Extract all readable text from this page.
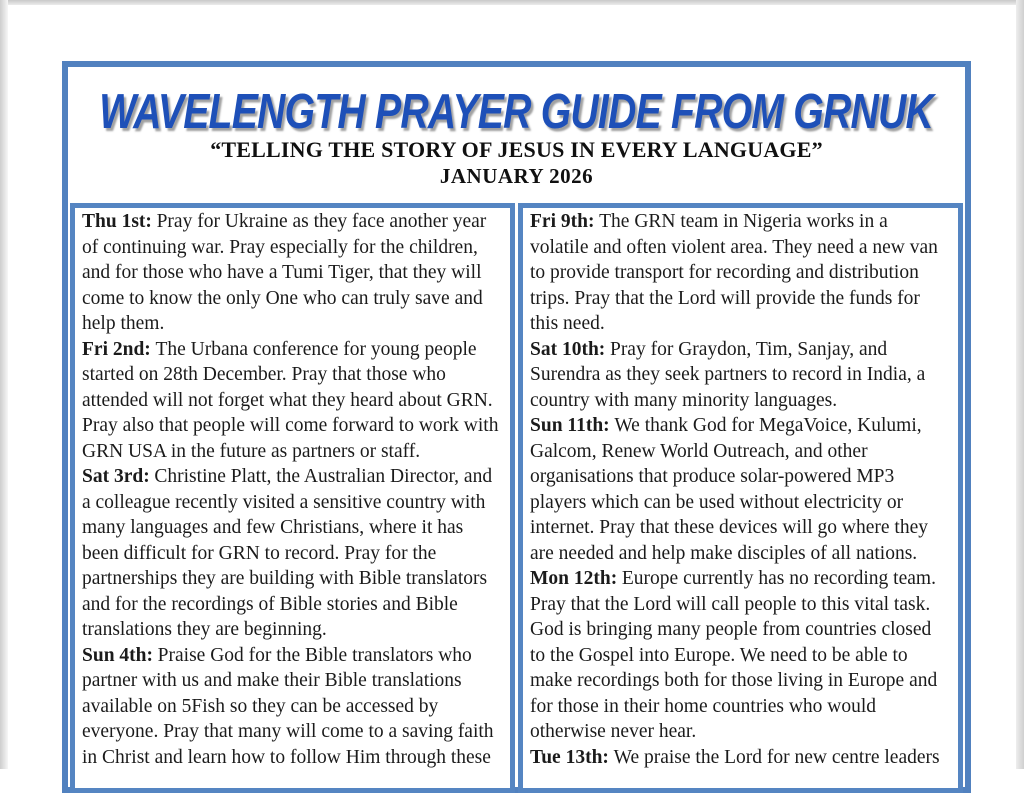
WAVELENGTH PRAYER GUIDE FROM GRNUK
“TELLING THE STORY OF JESUS IN EVERY LANGUAGE”
JANUARY 2026

Thu 1st: Pray for Ukraine as they face another year of continuing war. Pray especially for the children, and for those who have a Tumi Tiger, that they will come to know the only One who can truly save and help them.

Fri 2nd: The Urbana conference for young people started on 28th December. Pray that those who attended will not forget what they heard about GRN. Pray also that people will come forward to work with GRN USA in the future as partners or staff.

Sat 3rd: Christine Platt, the Australian Director, and a colleague recently visited a sensitive country with many languages and few Christians, where it has been difficult for GRN to record. Pray for the partnerships they are building with Bible translators and for the recordings of Bible stories and Bible translations they are beginning.

Sun 4th: Praise God for the Bible translators who partner with us and make their Bible translations available on 5Fish so they can be accessed by everyone. Pray that many will come to a saving faith in Christ and learn how to follow Him through these

Fri 9th: The GRN team in Nigeria works in a volatile and often violent area. They need a new van to provide transport for recording and distribution trips. Pray that the Lord will provide the funds for this need.

Sat 10th: Pray for Graydon, Tim, Sanjay, and Surendra as they seek partners to record in India, a country with many minority languages.

Sun 11th: We thank God for MegaVoice, Kulumi, Galcom, Renew World Outreach, and other organisations that produce solar-powered MP3 players which can be used without electricity or internet. Pray that these devices will go where they are needed and help make disciples of all nations.

Mon 12th: Europe currently has no recording team. Pray that the Lord will call people to this vital task. God is bringing many people from countries closed to the Gospel into Europe. We need to be able to make recordings both for those living in Europe and for those in their home countries who would otherwise never hear.

Tue 13th: We praise the Lord for new centre leaders
